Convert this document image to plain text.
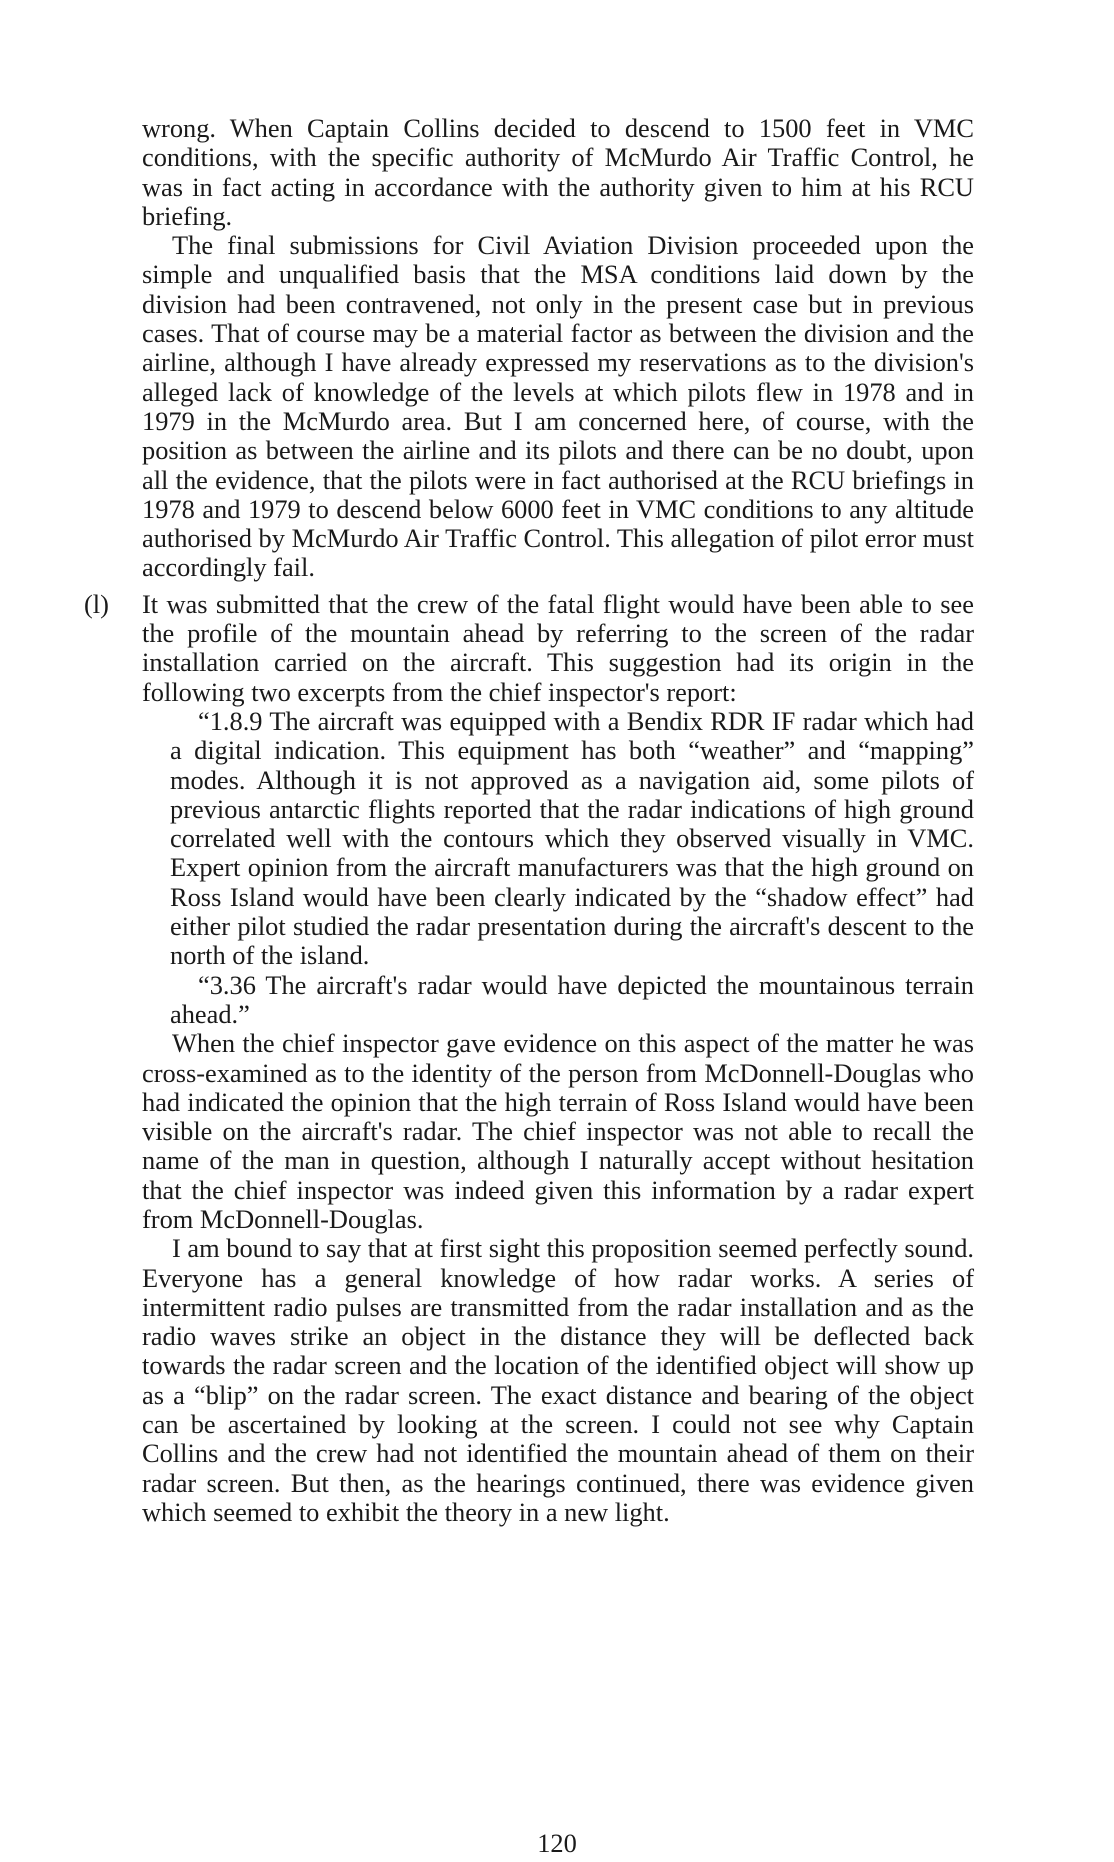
wrong. When Captain Collins decided to descend to 1500 feet in VMC conditions, with the specific authority of McMurdo Air Traffic Control, he was in fact acting in accordance with the authority given to him at his RCU briefing.

The final submissions for Civil Aviation Division proceeded upon the simple and unqualified basis that the MSA conditions laid down by the division had been contravened, not only in the present case but in previous cases. That of course may be a material factor as between the division and the airline, although I have already expressed my reservations as to the division's alleged lack of knowledge of the levels at which pilots flew in 1978 and in 1979 in the McMurdo area. But I am concerned here, of course, with the position as between the airline and its pilots and there can be no doubt, upon all the evidence, that the pilots were in fact authorised at the RCU briefings in 1978 and 1979 to descend below 6000 feet in VMC conditions to any altitude authorised by McMurdo Air Traffic Control. This allegation of pilot error must accordingly fail.

(l) It was submitted that the crew of the fatal flight would have been able to see the profile of the mountain ahead by referring to the screen of the radar installation carried on the aircraft. This suggestion had its origin in the following two excerpts from the chief inspector's report:

“1.8.9 The aircraft was equipped with a Bendix RDR IF radar which had a digital indication. This equipment has both “weather” and “mapping” modes. Although it is not approved as a navigation aid, some pilots of previous antarctic flights reported that the radar indications of high ground correlated well with the contours which they observed visually in VMC. Expert opinion from the aircraft manufacturers was that the high ground on Ross Island would have been clearly indicated by the “shadow effect” had either pilot studied the radar presentation during the aircraft's descent to the north of the island.

“3.36 The aircraft's radar would have depicted the mountainous terrain ahead.”

When the chief inspector gave evidence on this aspect of the matter he was cross-examined as to the identity of the person from McDonnell-Douglas who had indicated the opinion that the high terrain of Ross Island would have been visible on the aircraft's radar. The chief inspector was not able to recall the name of the man in question, although I naturally accept without hesitation that the chief inspector was indeed given this information by a radar expert from McDonnell-Douglas.

I am bound to say that at first sight this proposition seemed perfectly sound. Everyone has a general knowledge of how radar works. A series of intermittent radio pulses are transmitted from the radar installation and as the radio waves strike an object in the distance they will be deflected back towards the radar screen and the location of the identified object will show up as a “blip” on the radar screen. The exact distance and bearing of the object can be ascertained by looking at the screen. I could not see why Captain Collins and the crew had not identified the mountain ahead of them on their radar screen. But then, as the hearings continued, there was evidence given which seemed to exhibit the theory in a new light.

120
